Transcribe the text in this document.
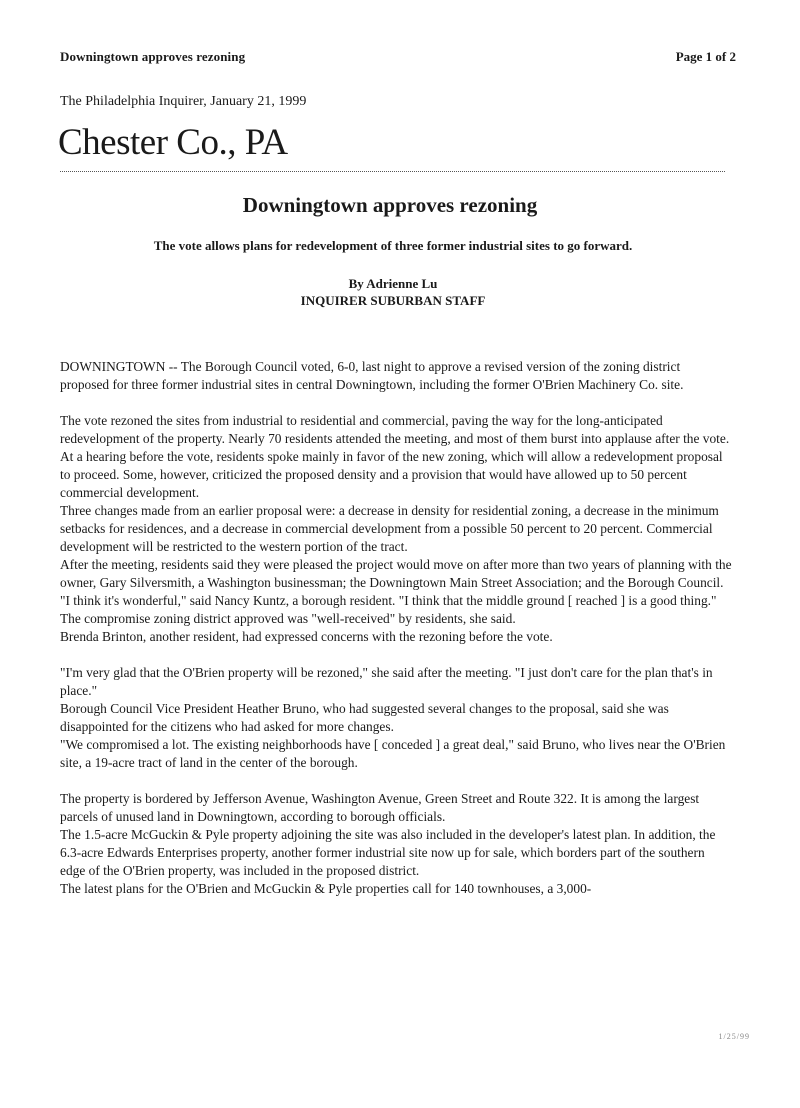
Downingtown approves rezoning	Page 1 of 2
The Philadelphia Inquirer, January 21, 1999
Chester Co., PA
Downingtown approves rezoning
The vote allows plans for redevelopment of three former industrial sites to go forward.
By Adrienne Lu
INQUIRER SUBURBAN STAFF

DOWNINGTOWN -- The Borough Council voted, 6-0, last night to approve a revised version of the zoning district proposed for three former industrial sites in central Downingtown, including the former O'Brien Machinery Co. site.

The vote rezoned the sites from industrial to residential and commercial, paving the way for the long-anticipated redevelopment of the property. Nearly 70 residents attended the meeting, and most of them burst into applause after the vote. At a hearing before the vote, residents spoke mainly in favor of the new zoning, which will allow a redevelopment proposal to proceed. Some, however, criticized the proposed density and a provision that would have allowed up to 50 percent commercial development.

Three changes made from an earlier proposal were: a decrease in density for residential zoning, a decrease in the minimum setbacks for residences, and a decrease in commercial development from a possible 50 percent to 20 percent. Commercial development will be restricted to the western portion of the tract.

After the meeting, residents said they were pleased the project would move on after more than two years of planning with the owner, Gary Silversmith, a Washington businessman; the Downingtown Main Street Association; and the Borough Council. "I think it's wonderful," said Nancy Kuntz, a borough resident. "I think that the middle ground [ reached ] is a good thing." The compromise zoning district approved was "well-received" by residents, she said.

Brenda Brinton, another resident, had expressed concerns with the rezoning before the vote.

"I'm very glad that the O'Brien property will be rezoned," she said after the meeting. "I just don't care for the plan that's in place."

Borough Council Vice President Heather Bruno, who had suggested several changes to the proposal, said she was disappointed for the citizens who had asked for more changes.

"We compromised a lot. The existing neighborhoods have [ conceded ] a great deal," said Bruno, who lives near the O'Brien site, a 19-acre tract of land in the center of the borough.

The property is bordered by Jefferson Avenue, Washington Avenue, Green Street and Route 322. It is among the largest parcels of unused land in Downingtown, according to borough officials.

The 1.5-acre McGuckin & Pyle property adjoining the site was also included in the developer's latest plan. In addition, the 6.3-acre Edwards Enterprises property, another former industrial site now up for sale, which borders part of the southern edge of the O'Brien property, was included in the proposed district.

The latest plans for the O'Brien and McGuckin & Pyle properties call for 140 townhouses, a 3,000-

1/25/99
